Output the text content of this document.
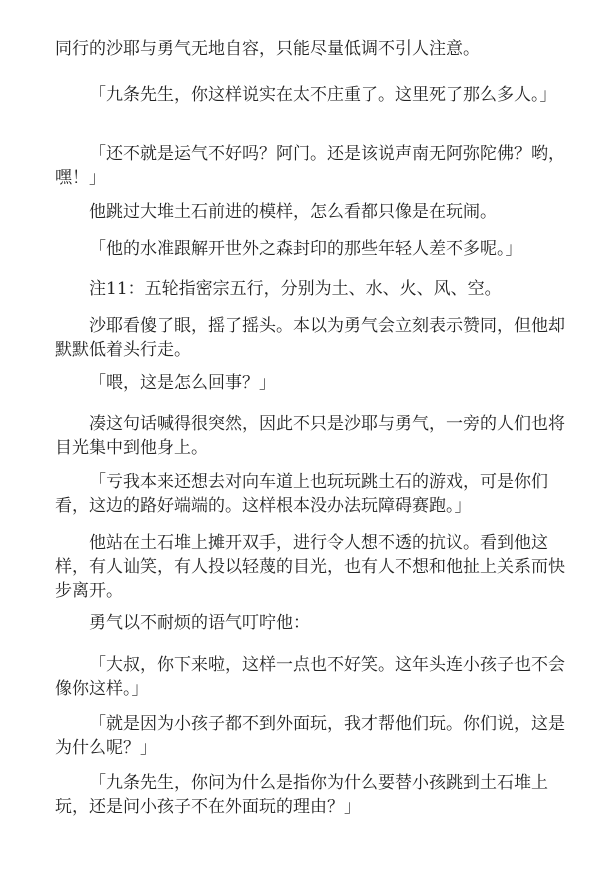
同行的沙耶与勇气无地自容，只能尽量低调不引人注意。

「九条先生，你这样说实在太不庄重了。这里死了那么多人。」

「还不就是运气不好吗？阿门。还是该说声南无阿弥陀佛？哟，嘿！」

他跳过大堆土石前进的模样，怎么看都只像是在玩闹。

「他的水准跟解开世外之森封印的那些年轻人差不多呢。」

注11：五轮指密宗五行，分别为土、水、火、风、空。

沙耶看傻了眼，摇了摇头。本以为勇气会立刻表示赞同，但他却默默低着头行走。

「喂，这是怎么回事？」

凑这句话喊得很突然，因此不只是沙耶与勇气，一旁的人们也将目光集中到他身上。

「亏我本来还想去对向车道上也玩玩跳土石的游戏，可是你们看，这边的路好端端的。这样根本没办法玩障碍赛跑。」

他站在土石堆上摊开双手，进行令人想不透的抗议。看到他这样，有人讪笑，有人投以轻蔑的目光，也有人不想和他扯上关系而快步离开。

勇气以不耐烦的语气叮咛他：

「大叔，你下来啦，这样一点也不好笑。这年头连小孩子也不会像你这样。」

「就是因为小孩子都不到外面玩，我才帮他们玩。你们说，这是为什么呢？」

「九条先生，你问为什么是指你为什么要替小孩跳到土石堆上玩，还是问小孩子不在外面玩的理由？」
